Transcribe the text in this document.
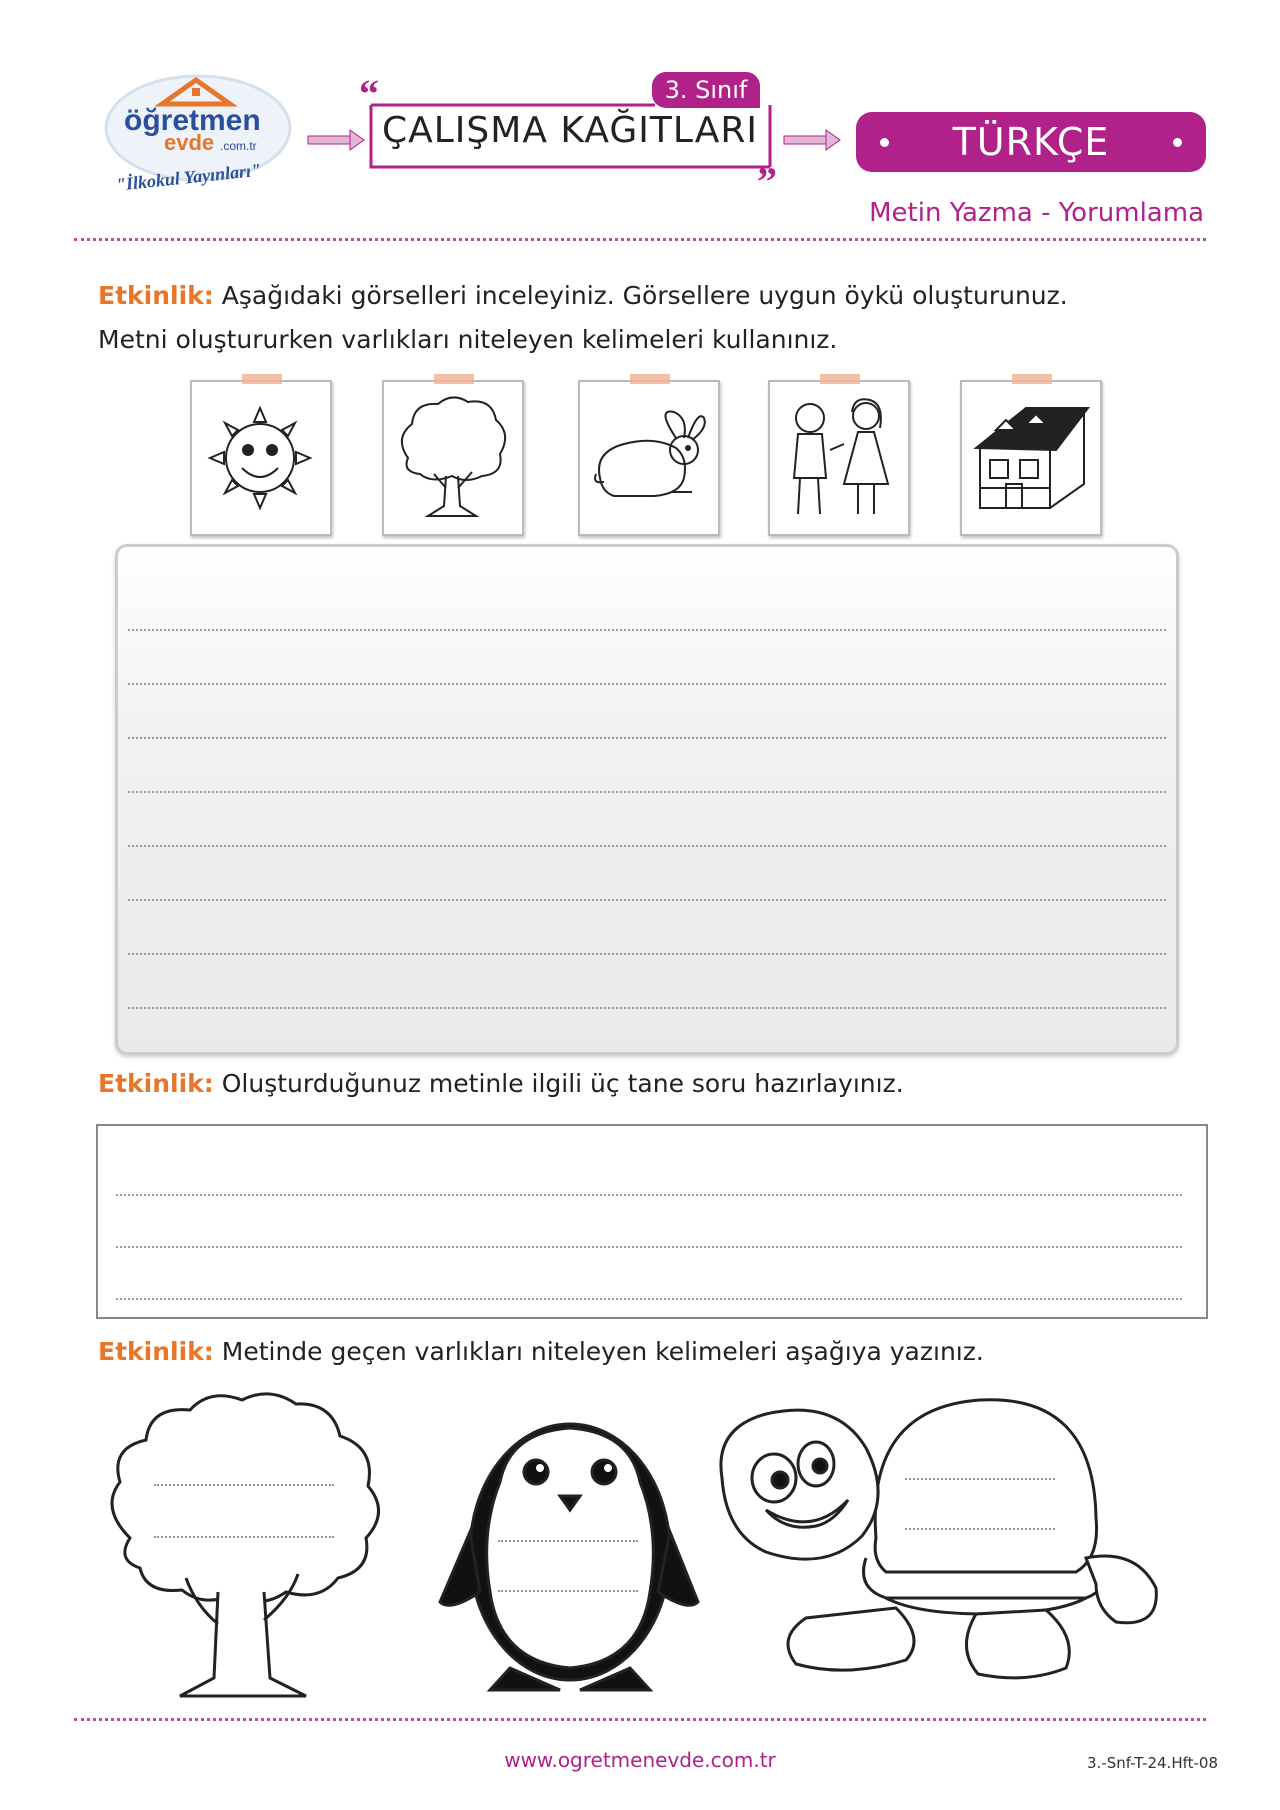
öğretmen
evde .com.tr
"İlkokul Yayınları"
“
”
3. Sınıf
ÇALIŞMA KAĞITLARI	TÜRKÇE
Metin Yazma - Yorumlama
Etkinlik: Aşağıdaki görselleri inceleyiniz. Görsellere uygun öykü oluşturunuz.
Metni oluştururken varlıkları niteleyen kelimeleri kullanınız.
Etkinlik: Oluşturduğunuz metinle ilgili üç tane soru hazırlayınız.
Etkinlik: Metinde geçen varlıkları niteleyen kelimeleri aşağıya yazınız.
www.ogretmenevde.com.tr	3.-Snf-T-24.Hft-08
